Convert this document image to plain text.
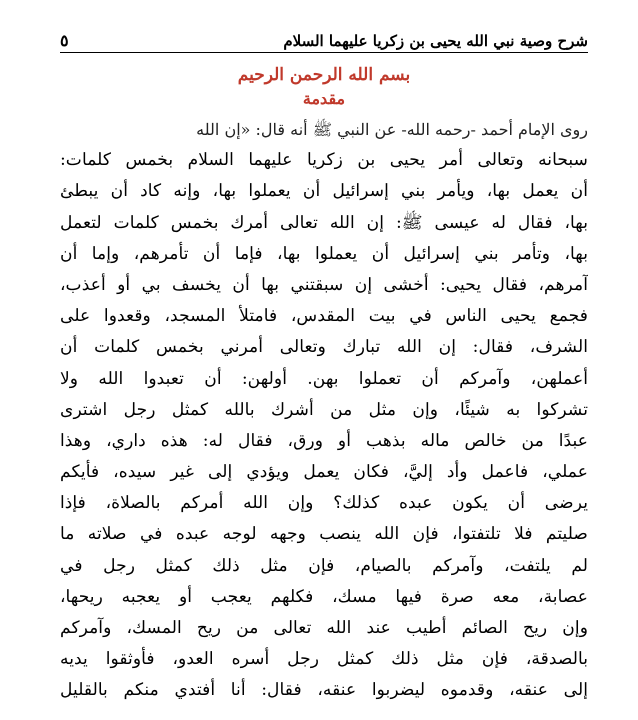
شرح وصية نبي الله يحيى بن زكريا عليهما السلام
٥
بسم الله الرحمن الرحيم
مقدمة
روى الإمام أحمد -رحمه الله- عن النبي ﷺ أنه قال: «إن الله
سبحانه وتعالى أمر يحيى بن زكريا عليهما السلام بخمس كلمات:
أن يعمل بها، ويأمر بني إسرائيل أن يعملوا بها، وإنه كاد أن يبطئ
بها، فقال له عيسى ﷺ: إن الله تعالى أمرك بخمس كلمات لتعمل
بها، وتأمر بني إسرائيل أن يعملوا بها، فإما أن تأمرهم، وإما أن
آمرهم، فقال يحيى: أخشى إن سبقتني بها أن يخسف بي أو أعذب،
فجمع يحيى الناس في بيت المقدس، فامتلأ المسجد، وقعدوا على
الشرف، فقال: إن الله تبارك وتعالى أمرني بخمس كلمات أن
أعملهن، وآمركم أن تعملوا بهن. أولهن: أن تعبدوا الله ولا
تشركوا به شيئًا، وإن مثل من أشرك بالله كمثل رجل اشترى
عبدًا من خالص ماله بذهب أو ورق، فقال له: هذه داري، وهذا
عملي، فاعمل وأد إليَّ، فكان يعمل ويؤدي إلى غير سيده، فأيكم
يرضى أن يكون عبده كذلك؟ وإن الله أمركم بالصلاة، فإذا
صليتم فلا تلتفتوا، فإن الله ينصب وجهه لوجه عبده في صلاته ما
لم يلتفت، وآمركم بالصيام، فإن مثل ذلك كمثل رجل في
عصابة، معه صرة فيها مسك، فكلهم يعجب أو يعجبه ريحها،
وإن ريح الصائم أطيب عند الله تعالى من ريح المسك، وآمركم
بالصدقة، فإن مثل ذلك كمثل رجل أسره العدو، فأوثقوا يديه
إلى عنقه، وقدموه ليضربوا عنقه، فقال: أنا أفتدي منكم بالقليل
